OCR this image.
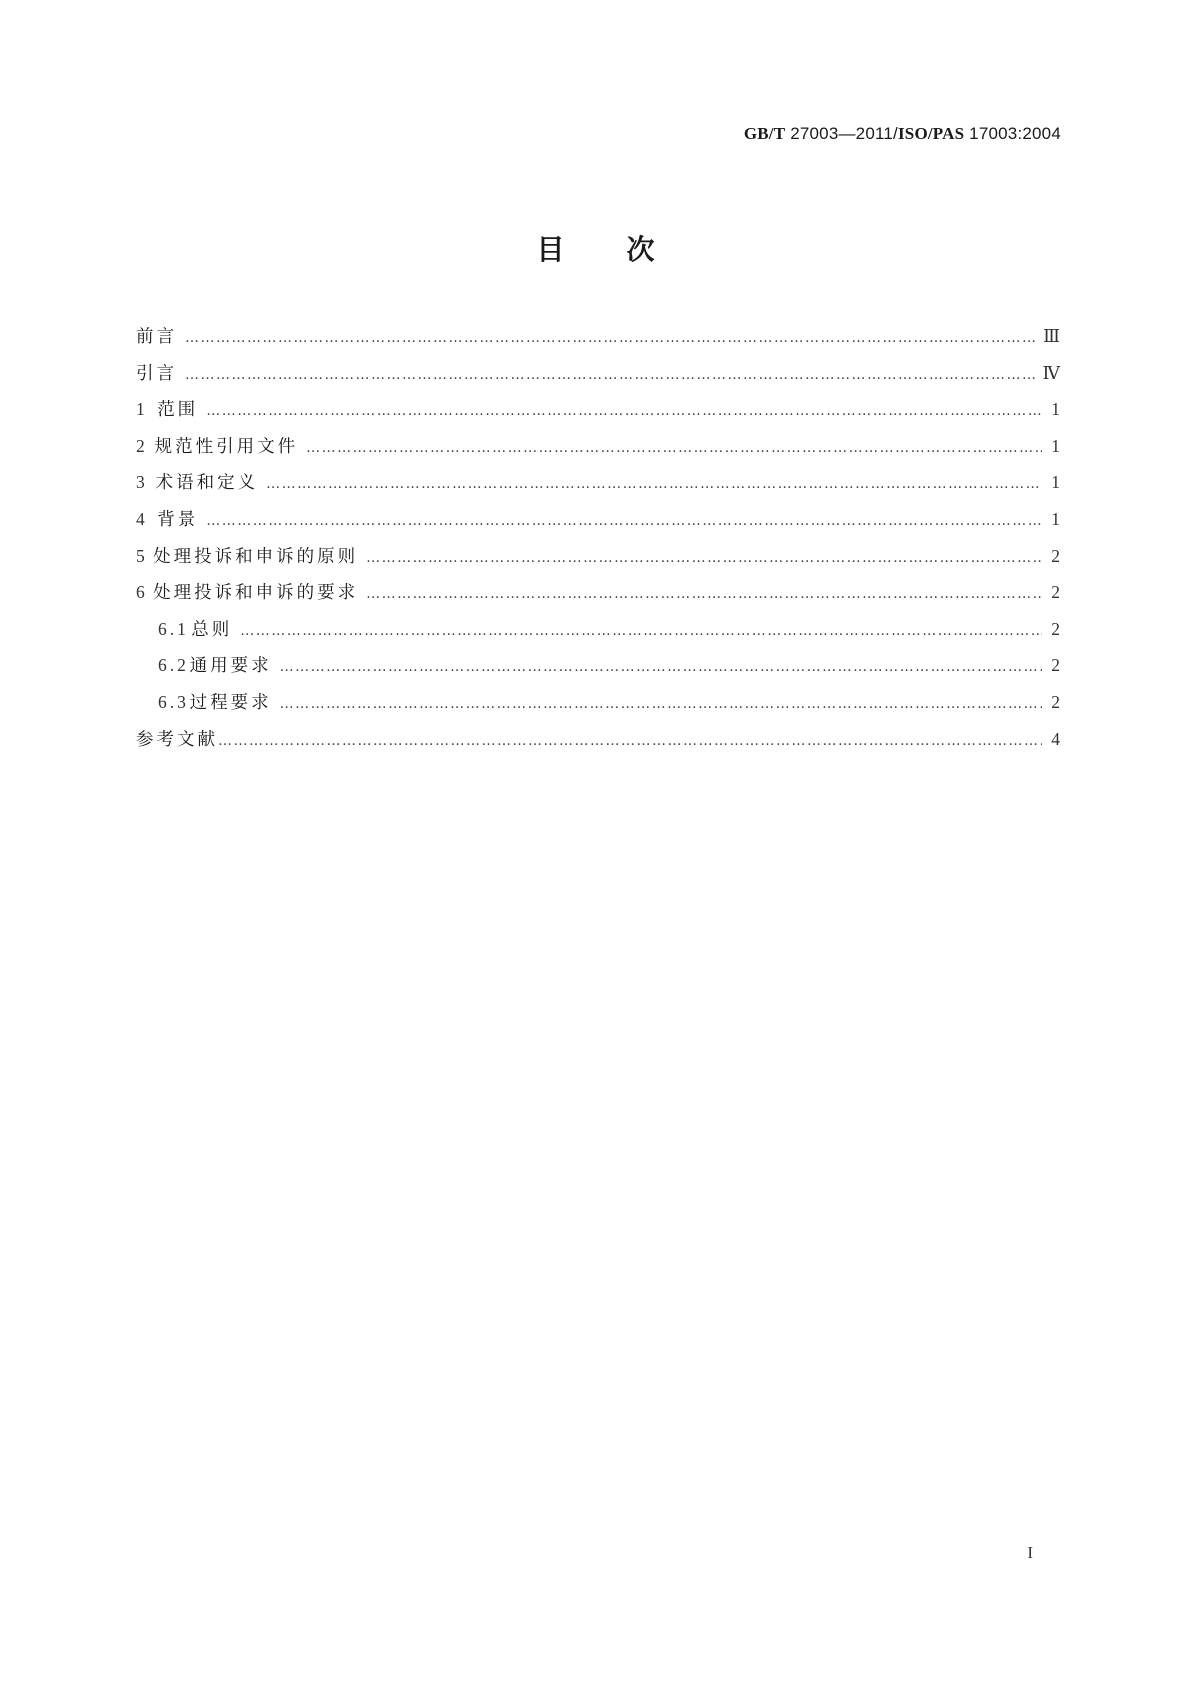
GB/T 27003—2011/ISO/PAS 17003:2004
目次
前言 ………………………………………………………………………………………………………………………………………………………………………………………………………………………………	Ⅲ
引言 ………………………………………………………………………………………………………………………………………………………………………………………………………………………………	Ⅳ
1 范围 ………………………………………………………………………………………………………………………………………………………………………………………………………………………………	1
2 规范性引用文件 ………………………………………………………………………………………………………………………………………………………………………………………………………………………………	1
3 术语和定义 ………………………………………………………………………………………………………………………………………………………………………………………………………………………………	1
4 背景 ………………………………………………………………………………………………………………………………………………………………………………………………………………………………	1
5 处理投诉和申诉的原则 ………………………………………………………………………………………………………………………………………………………………………………………………………………………………	2
6 处理投诉和申诉的要求 ………………………………………………………………………………………………………………………………………………………………………………………………………………………………	2
6.1 总则 ………………………………………………………………………………………………………………………………………………………………………………………………………………………………	2
6.2 通用要求 ………………………………………………………………………………………………………………………………………………………………………………………………………………………………	2
6.3 过程要求 ………………………………………………………………………………………………………………………………………………………………………………………………………………………………	2
参考文献 ………………………………………………………………………………………………………………………………………………………………………………………………………………………………	4
I
